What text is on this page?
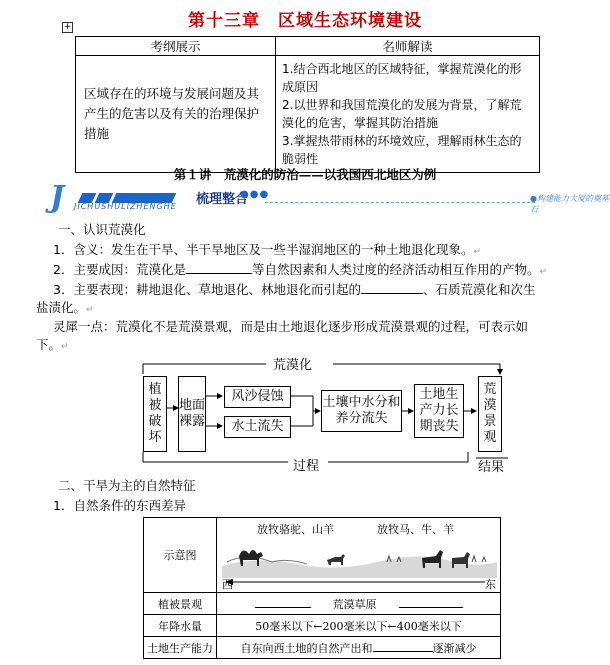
+	第十三章　区域生态环境建设
考纲展示	名师解读
区域存在的环境与发展问题及其产生的危害以及有关的治理保护措施	1.结合西北地区的区域特征，掌握荒漠化的形成原因
2.以世界和我国荒漠化的发展为背景，了解荒漠化的危害，掌握其防治措施
3.掌握热带雨林的环境效应，理解雨林生态的脆弱性
第１讲　荒漠化的防治——以我国西北地区为例
J JICHUSHULIZHENGHE 梳理整合
●●●	●构建能力大厦的奠基石
一、认识荒漠化
1．含义：发生在干旱、半干旱地区及一些半湿润地区的一种土地退化现象。↵
2．主要成因：荒漠化是	等自然因素和人类过度的经济活动相互作用的产物。↵
3．主要表现：耕地退化、草地退化、林地退化而引起的	、石质荒漠化和次生
盐渍化。↵
灵犀一点：荒漠化不是荒漠景观，而是由土地退化逐步形成荒漠景观的过程，可表示如
下。↵
荒漠化
植被破坏
地面裸露
风沙侵蚀
水土流失
土壤中水分和养分流失
土地生产力长期丧失
荒漠景观
过程	结果
二、干旱为主的自然特征
1．自然条件的东西差异
示意图	放牧骆驼、山羊 放牧马、牛、羊
西 东

植被景观	荒漠草原
年降水量	50毫米以下←200毫米以下←400毫米以下
土地生产能力	自东向西土地的自然产出和 逐渐减少
